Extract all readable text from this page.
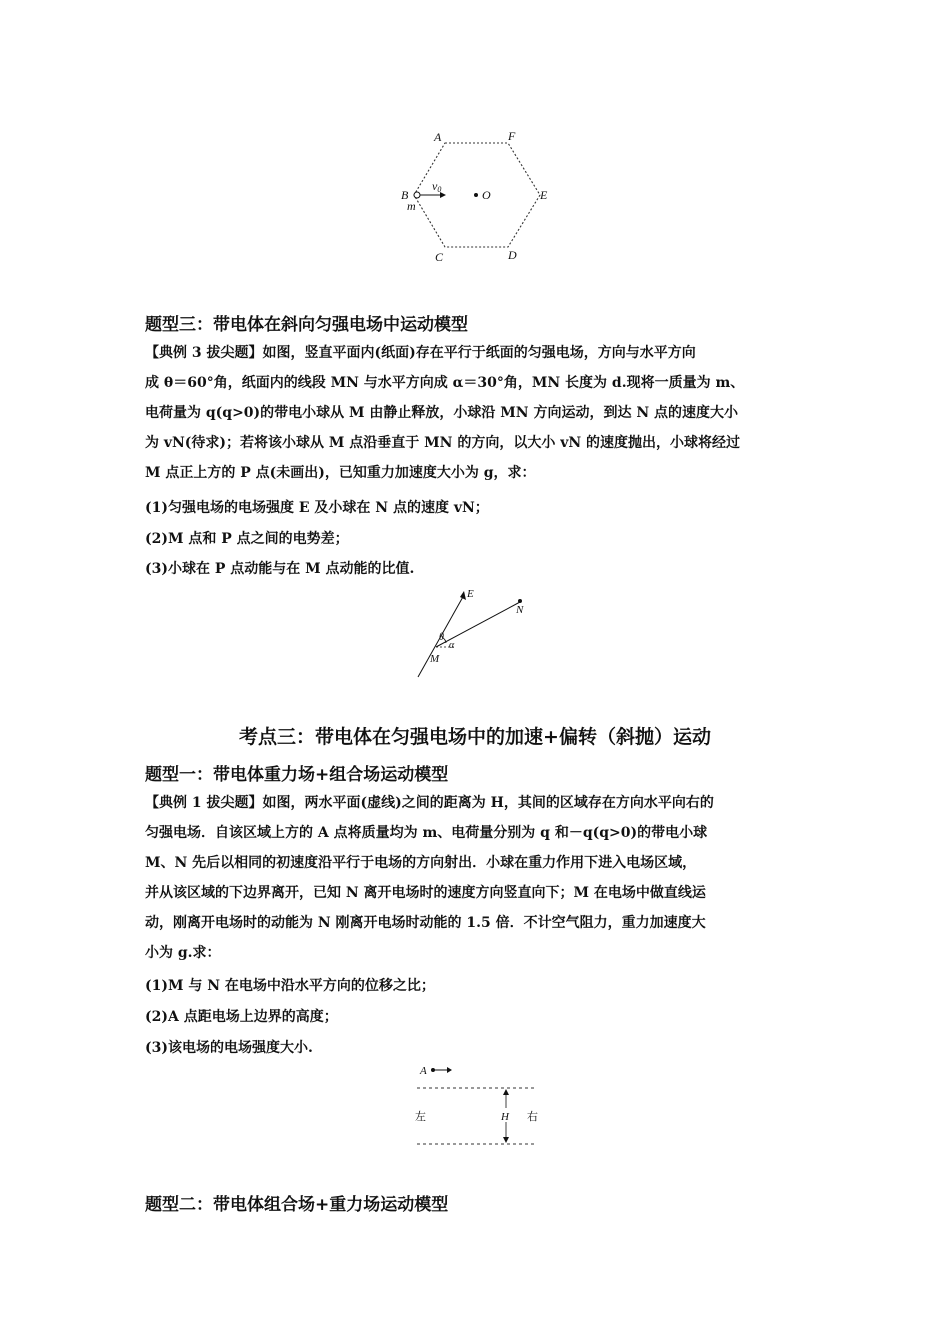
A	F
B
m
v0	O	E
C	D
题型三：带电体在斜向匀强电场中运动模型
【典例 3 拔尖题】如图，竖直平面内(纸面)存在平行于纸面的匀强电场，方向与水平方向
成 θ＝60°角，纸面内的线段 MN 与水平方向成 α＝30°角，MN 长度为 d.现将一质量为 m、
电荷量为 q(q>0)的带电小球从 M 由静止释放，小球沿 MN 方向运动，到达 N 点的速度大小
为 vN(待求)；若将该小球从 M 点沿垂直于 MN 的方向，以大小 vN 的速度抛出，小球将经过
M 点正上方的 P 点(未画出)，已知重力加速度大小为 g，求：
(1)匀强电场的电场强度 E 及小球在 N 点的速度 vN；
(2)M 点和 P 点之间的电势差；
(3)小球在 P 点动能与在 M 点动能的比值.
E
N
θ
α
M
考点三：带电体在匀强电场中的加速+偏转（斜抛）运动
题型一：带电体重力场+组合场运动模型
【典例 1 拔尖题】如图，两水平面(虚线)之间的距离为 H，其间的区域存在方向水平向右的
匀强电场．自该区域上方的 A 点将质量均为 m、电荷量分别为 q 和－q(q>0)的带电小球
M、N 先后以相同的初速度沿平行于电场的方向射出．小球在重力作用下进入电场区域，
并从该区域的下边界离开，已知 N 离开电场时的速度方向竖直向下；M 在电场中做直线运
动，刚离开电场时的动能为 N 刚离开电场时动能的 1.5 倍．不计空气阻力，重力加速度大
小为 g.求：
(1)M 与 N 在电场中沿水平方向的位移之比；
(2)A 点距电场上边界的高度；
(3)该电场的电场强度大小.
A
左	H 右
题型二：带电体组合场+重力场运动模型
